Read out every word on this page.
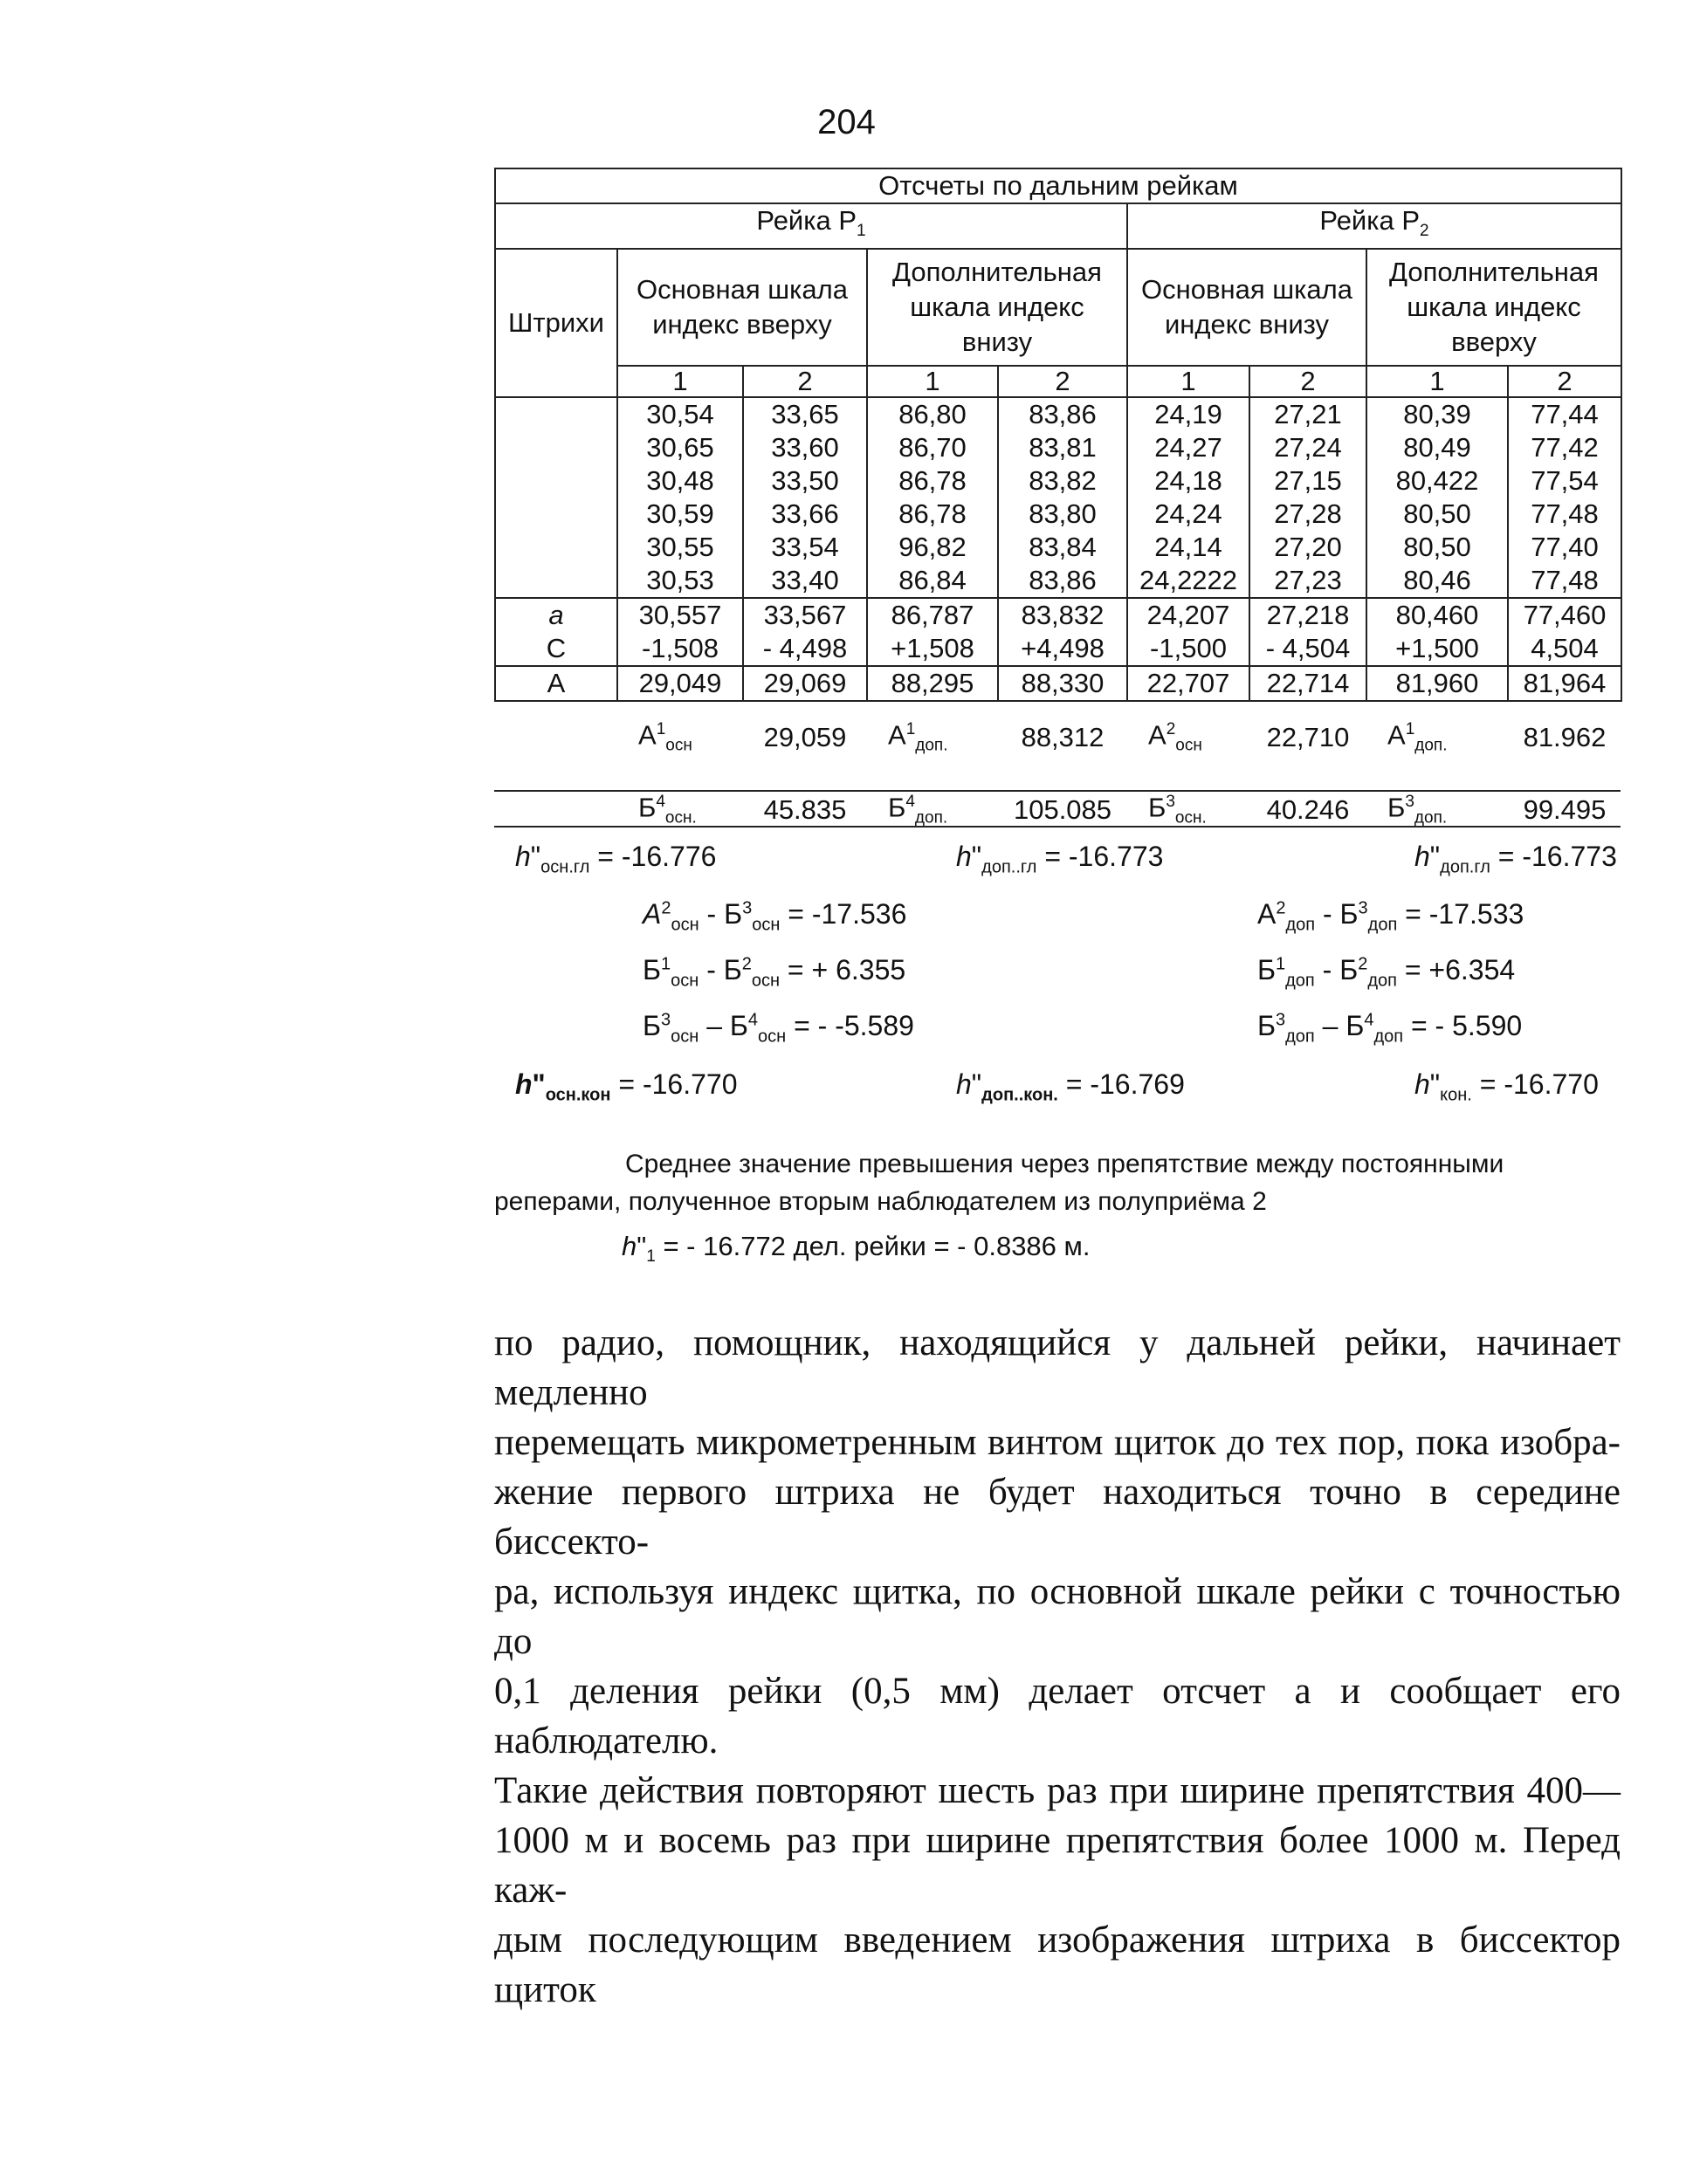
204
Отсчеты по дальним рейкам								
Рейка $Р_1$					Рейка $Р_2$
Штрихи	Основная шкала индекс вверху		Дополнительная шкала индекс внизу		Основная шкала индекс внизу		Дополнительная шкала индекс вверху	
	1	2	1	2	1	2	1	2
	30,54	33,65	86,80	83,86	24,19	27,21	80,39	77,44
	30,65	33,60	86,70	83,81	24,27	27,24	80,49	77,42
	30,48	33,50	86,78	83,82	24,18	27,15	80,422	77,54
	30,59	33,66	86,78	83,80	24,24	27,28	80,50	77,48
	30,55	33,54	96,82	83,84	24,14	27,20	80,50	77,40
	30,53	33,40	86,84	83,86	24,2222	27,23	80,46	77,48
а	30,557	33,567	86,787	83,832	24,207	27,218	80,460	77,460
С	-1,508	- 4,498	+1,508	+4,498	-1,500	- 4,504	+1,500	4,504
А	29,049	29,069	88,295	88,330	22,707	22,714	81,960	81,964
	$А^1_{осн}$	29,059	$А^1_{доп.}$	88,312	$А^2_{осн}$	22,710	$А^1_{доп.}$	81.962
	$Б^4_{осн.}$	45.835	$Б^4_{доп.}$	105.085	$Б^3_{осн.}$	40.246	$Б^3_{доп.}$	99.495
$h"_{осн.гл} = -16.776$	$h"_{доп..гл} = -16.773$	$h"_{доп.гл} = -16.773$
$А^2_{осн} - Б^3_{осн} = -17.536$
$Б^1_{осн} - Б^2_{осн}$ = + 6.355
$Б^3_{осн} - Б^4_{осн}$ = - -5.589
$А^2_{доп} - Б^3_{доп} = -17.533$
$Б^1_{доп} - Б^2_{доп} = +6.354$
$Б^3_{доп} - Б^4_{доп}$ = - 5.590
$h"_{осн.кон} = -16.770$	$h"_{доп..кон.} = -16.769$	$h"_{кон.} = -16.770$
Среднее значение превышения через препятствие между постоянными
реперами, полученное вторым наблюдателем из полуприёма 2
$h"_1$ = - 16.772 дел. рейки = - 0.8386 м.
по радио, помощник, находящийся у дальней рейки, начинает медленно
перемещать микрометренным винтом щиток до тех пор, пока изобра-
жение первого штриха не будет находиться точно в середине биссекто-
ра, используя индекс щитка, по основной шкале рейки с точностью до
0,1 деления рейки (0,5 мм) делает отсчет а и сообщает его наблюдателю.
Такие действия повторяют шесть раз при ширине препятствия 400—
1000 м и восемь раз при ширине препятствия более 1000 м. Перед каж-
дым последующим введением изображения штриха в биссектор щиток
